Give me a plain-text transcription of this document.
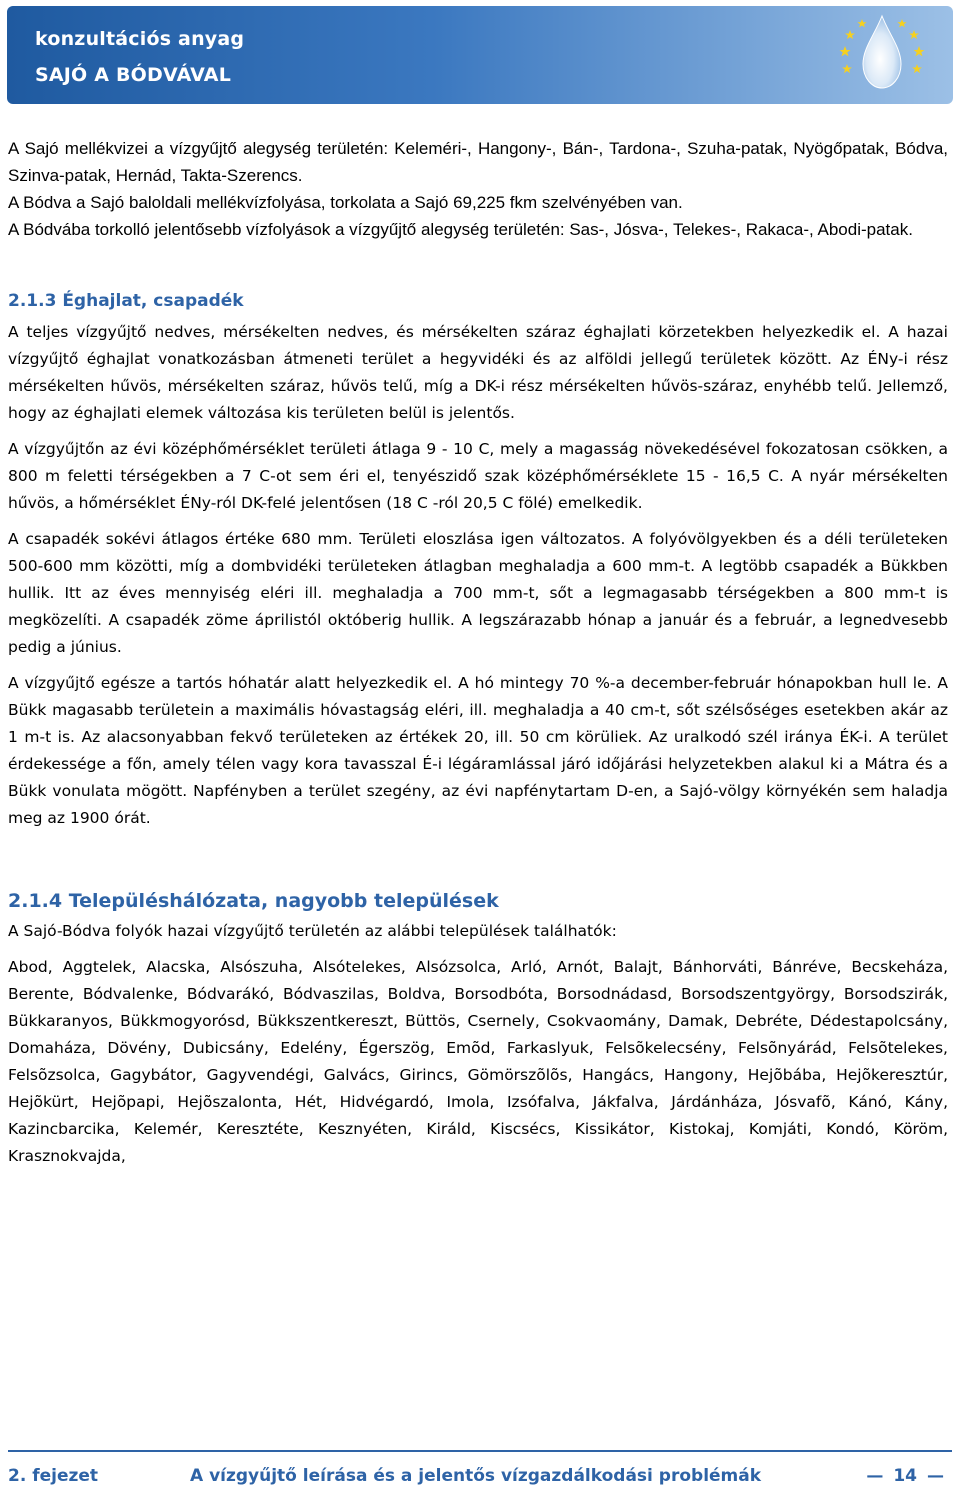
konzultációs anyag
SAJÓ A BÓDVÁVAL

A Sajó mellékvizei a vízgyűjtő alegység területén: Keleméri-, Hangony-, Bán-, Tardona-, Szuha-patak, Nyögőpatak, Bódva, Szinva-patak, Hernád, Takta-Szerencs.

A Bódva a Sajó baloldali mellékvízfolyása, torkolata a Sajó 69,225 fkm szelvényében van.

A Bódvába torkolló jelentősebb vízfolyások a vízgyűjtő alegység területén: Sas-, Jósva-, Telekes-, Rakaca-, Abodi-patak.

2.1.3 Éghajlat, csapadék

A teljes vízgyűjtő nedves, mérsékelten nedves, és mérsékelten száraz éghajlati körzetekben helyezkedik el. A hazai vízgyűjtő éghajlat vonatkozásban átmeneti terület a hegyvidéki és az alföldi jellegű területek között. Az ÉNy-i rész mérsékelten hűvös, mérsékelten száraz, hűvös telű, míg a DK-i rész mérsékelten hűvös-száraz, enyhébb telű. Jellemző, hogy az éghajlati elemek változása kis területen belül is jelentős.

A vízgyűjtőn az évi középhőmérséklet területi átlaga 9 - 10 C, mely a magasság növekedésével fokozatosan csökken, a 800 m feletti térségekben a 7 C-ot sem éri el, tenyészidő szak középhőmérséklete 15 - 16,5 C. A nyár mérsékelten hűvös, a hőmérséklet ÉNy-ról DK-felé jelentősen (18 C -ról 20,5 C fölé) emelkedik.

A csapadék sokévi átlagos értéke 680 mm. Területi eloszlása igen változatos. A folyóvölgyekben és a déli területeken 500-600 mm közötti, míg a dombvidéki területeken átlagban meghaladja a 600 mm-t. A legtöbb csapadék a Bükkben hullik. Itt az éves mennyiség eléri ill. meghaladja a 700 mm-t, sőt a legmagasabb térségekben a 800 mm-t is megközelíti. A csapadék zöme áprilistól októberig hullik. A legszárazabb hónap a január és a február, a legnedvesebb pedig a június.

A vízgyűjtő egésze a tartós hóhatár alatt helyezkedik el. A hó mintegy 70 %-a december-február hónapokban hull le. A Bükk magasabb területein a maximális hóvastagság eléri, ill. meghaladja a 40 cm-t, sőt szélsőséges esetekben akár az 1 m-t is. Az alacsonyabban fekvő területeken az értékek 20, ill. 50 cm körüliek. Az uralkodó szél iránya ÉK-i. A terület érdekessége a főn, amely télen vagy kora tavasszal É-i légáramlással járó időjárási helyzetekben alakul ki a Mátra és a Bükk vonulata mögött. Napfényben a terület szegény, az évi napfénytartam D-en, a Sajó-völgy környékén sem haladja meg az 1900 órát.

2.1.4 Településhálózata, nagyobb települések

A Sajó-Bódva folyók hazai vízgyűjtő területén az alábbi települések találhatók:

Abod, Aggtelek, Alacska, Alsószuha, Alsótelekes, Alsózsolca, Arló, Arnót, Balajt, Bánhorváti, Bánréve, Becskeháza, Berente, Bódvalenke, Bódvarákó, Bódvaszilas, Boldva, Borsodbóta, Borsodnádasd, Borsodszentgyörgy, Borsodszirák, Bükkaranyos, Bükkmogyorósd, Bükkszentkereszt, Büttös, Csernely, Csokvaomány, Damak, Debréte, Dédestapolcsány, Domaháza, Dövény, Dubicsány, Edelény, Égerszög, Emõd, Farkaslyuk, Felsõkelecsény, Felsõnyárád, Felsõtelekes, Felsõzsolca, Gagybátor, Gagyvendégi, Galvács, Girincs, Gömörszõlõs, Hangács, Hangony, Hejõbába, Hejõkeresztúr, Hejõkürt, Hejõpapi, Hejõszalonta, Hét, Hidvégardó, Imola, Izsófalva, Jákfalva, Járdánháza, Jósvafõ, Kánó, Kány, Kazincbarcika, Kelemér, Keresztéte, Kesznyéten, Királd, Kiscsécs, Kissikátor, Kistokaj, Komjáti, Kondó, Köröm, Krasznokvajda,

2. fejezet	A vízgyűjtő leírása és a jelentős vízgazdálkodási problémák
—	14 —
